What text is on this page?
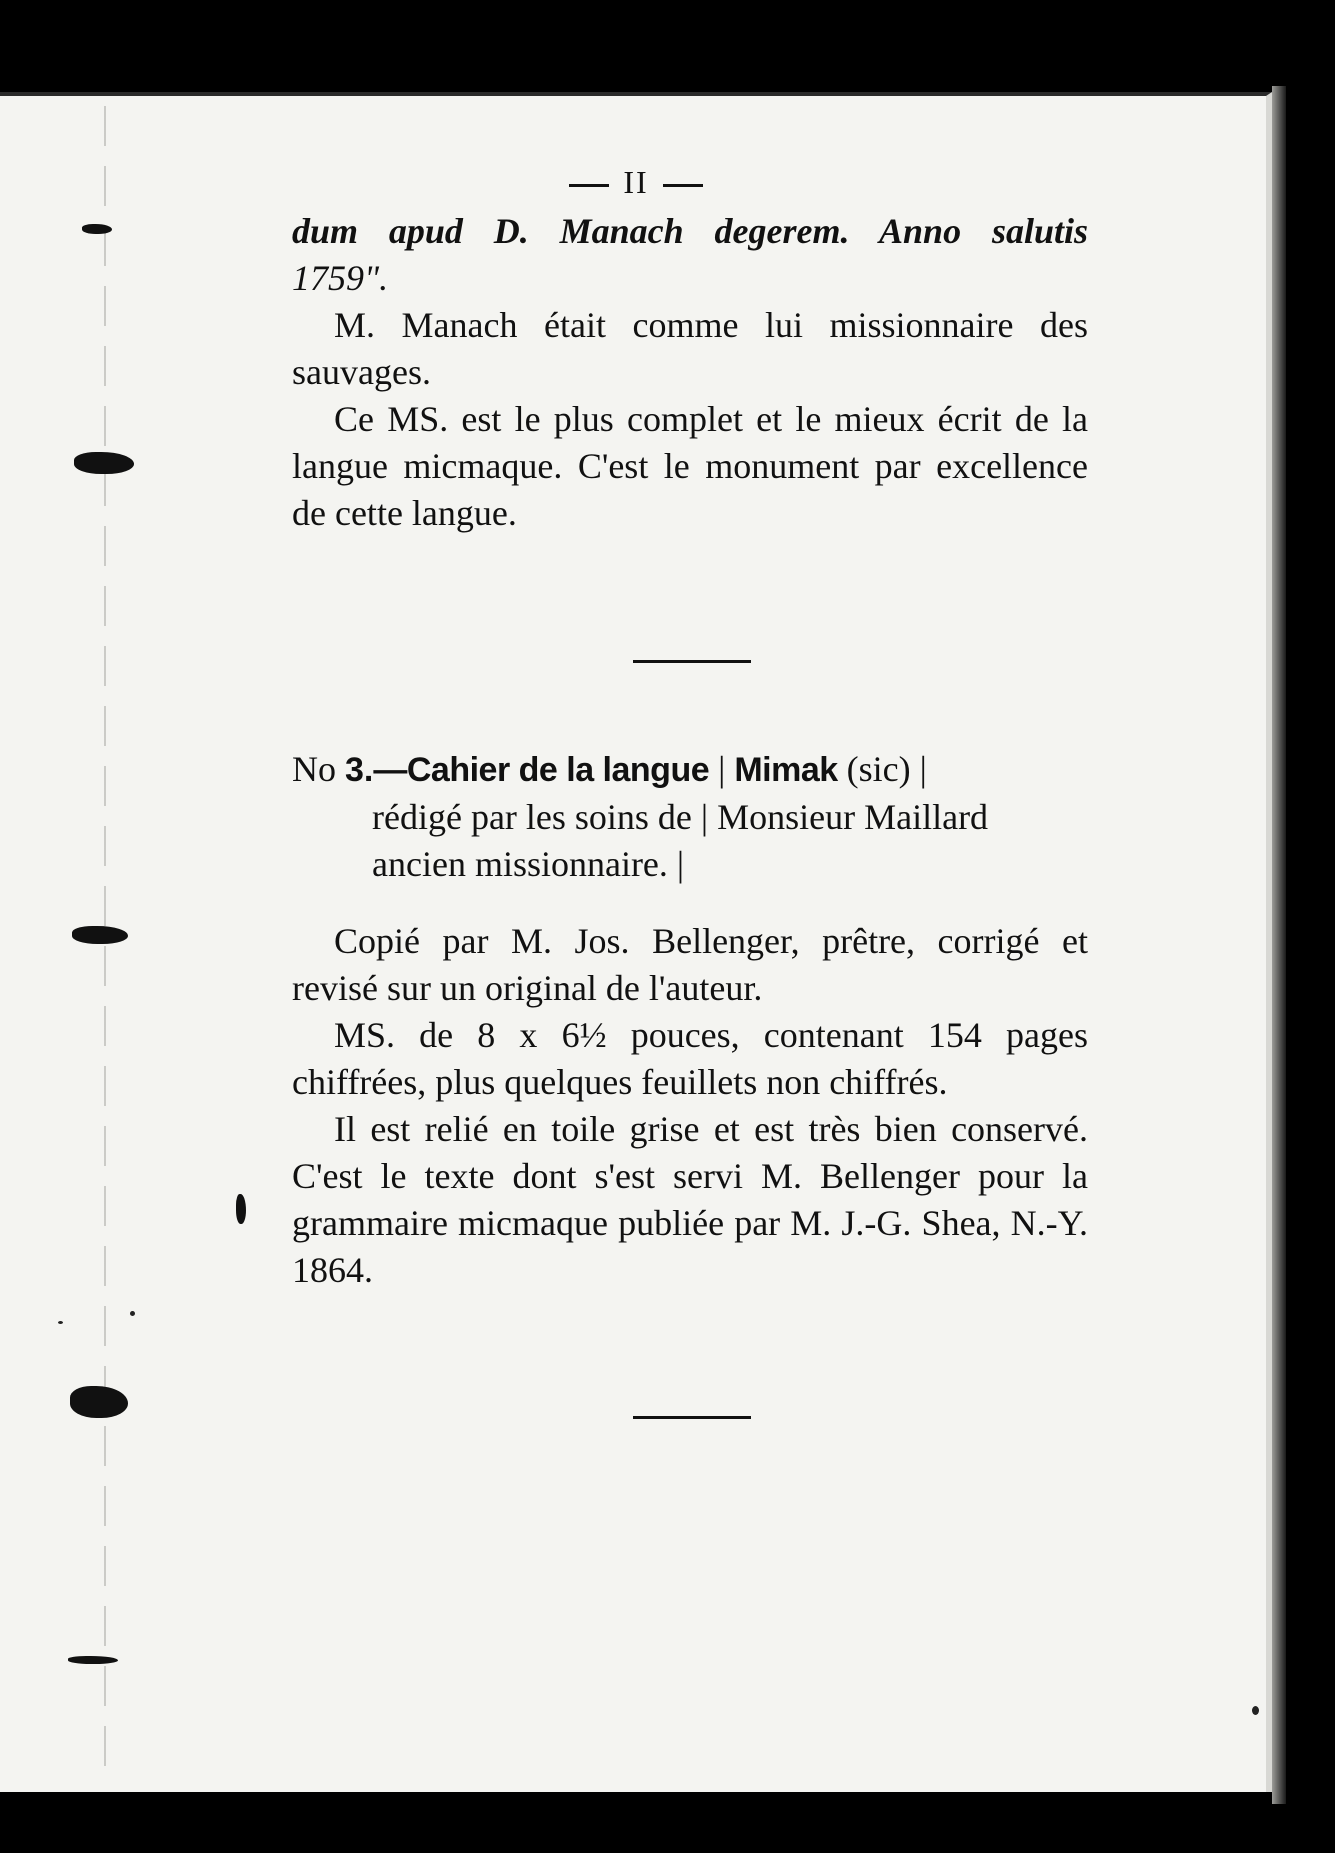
II

dum apud D. Manach degerem. Anno salutis

1759".

M. Manach était comme lui missionnaire des sauvages.

Ce MS. est le plus complet et le mieux écrit de la langue micmaque. C'est le monument par excellence de cette langue.

No 3.—Cahier de la langue | Mimak (sic) |

rédigé par les soins de | Monsieur Maillard ancien missionnaire. |

Copié par M. Jos. Bellenger, prêtre, corrigé et revisé sur un original de l'auteur.

MS. de 8 x 6½ pouces, contenant 154 pages chiffrées, plus quelques feuillets non chiffrés.

Il est relié en toile grise et est très bien conservé. C'est le texte dont s'est servi M. Bellenger pour la grammaire micmaque publiée par M. J.-G. Shea, N.-Y. 1864.
